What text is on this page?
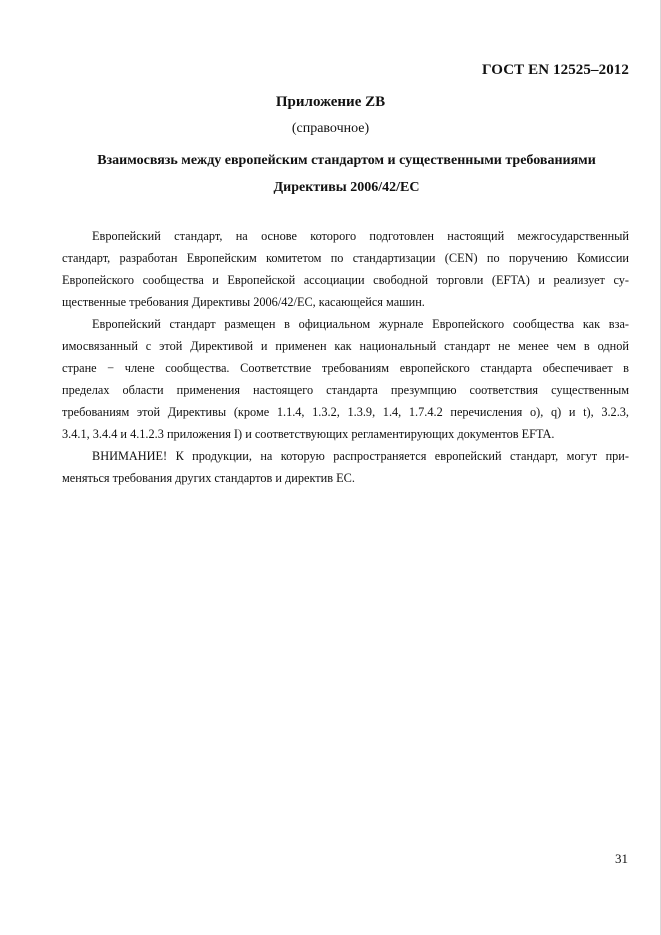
ГОСТ EN 12525–2012
Приложение ZB
(справочное)
Взаимосвязь между европейским стандартом и существенными требованиями
Директивы 2006/42/ЕС
Европейский стандарт, на основе которого подготовлен настоящий межгосударственный
стандарт, разработан Европейским комитетом по стандартизации (CEN) по поручению Комиссии
Европейского сообщества и Европейской ассоциации свободной торговли (EFTA) и реализует су-
щественные требования Директивы 2006/42/ЕС, касающейся машин.
Европейский стандарт размещен в официальном журнале Европейского сообщества как вза-
имосвязанный с этой Директивой и применен как национальный стандарт не менее чем в одной
стране − члене сообщества. Соответствие требованиям европейского стандарта обеспечивает в
пределах области применения настоящего стандарта презумпцию соответствия существенным
требованиям этой Директивы (кроме 1.1.4, 1.3.2, 1.3.9, 1.4, 1.7.4.2 перечисления о), q) и t), 3.2.3,
3.4.1, 3.4.4 и 4.1.2.3 приложения I) и соответствующих регламентирующих документов EFTA.
ВНИМАНИЕ! К продукции, на которую распространяется европейский стандарт, могут при-
меняться требования других стандартов и директив ЕС.
31
